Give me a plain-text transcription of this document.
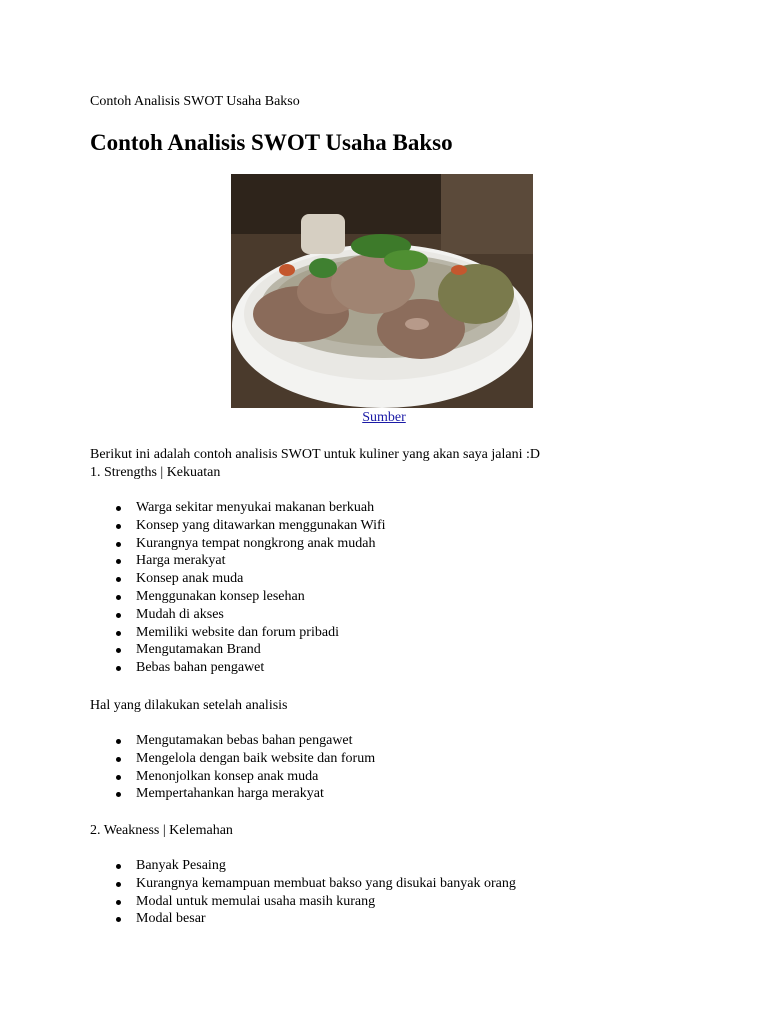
Contoh Analisis SWOT Usaha Bakso
Contoh Analisis SWOT Usaha Bakso
Sumber

Berikut ini adalah contoh analisis SWOT untuk kuliner yang akan saya jalani :D

1. Strengths | Kekuatan

Warga sekitar menyukai makanan berkuah
Konsep yang ditawarkan menggunakan Wifi
Kurangnya tempat nongkrong anak mudah
Harga merakyat
Konsep anak muda
Menggunakan konsep lesehan
Mudah di akses
Memiliki website dan forum pribadi
Mengutamakan Brand
Bebas bahan pengawet

Hal yang dilakukan setelah analisis

Mengutamakan bebas bahan pengawet
Mengelola dengan baik website dan forum
Menonjolkan konsep anak muda
Mempertahankan harga merakyat

2. Weakness | Kelemahan

Banyak Pesaing
Kurangnya kemampuan membuat bakso yang disukai banyak orang
Modal untuk memulai usaha masih kurang
Modal besar
